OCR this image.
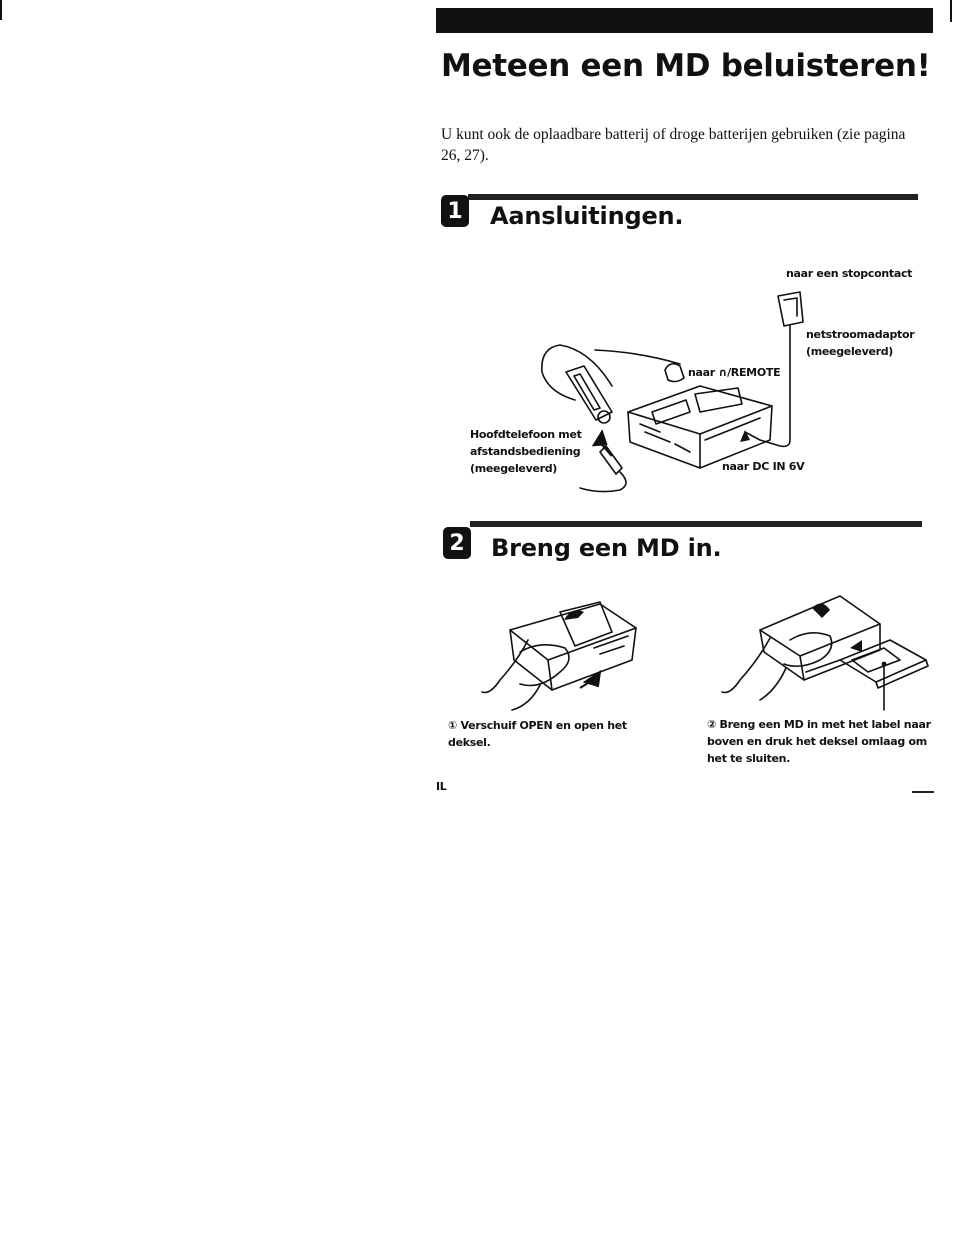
Meteen een MD beluisteren!

U kunt ook de oplaadbare batterij of droge batterijen gebruiken (zie pagina 26, 27).

1 Aansluitingen.

naar een stopcontact

netstroomadaptor
(meegeleverd)
naar ∩/REMOTE
Hoofdtelefoon met
afstandsbediening
(meegeleverd)	naar DC IN 6V

2 Breng een MD in.
① Verschuif OPEN en open het deksel.
② Breng een MD in met het label naar boven en druk het deksel omlaag om het te sluiten.
IL
